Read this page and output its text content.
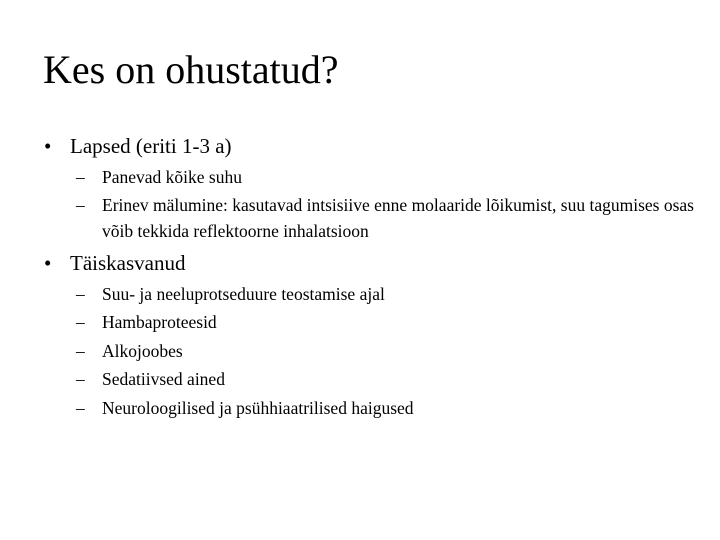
Kes on ohustatud?
• Lapsed (eriti 1-3 a)
– Panevad kõike suhu
– Erinev mälumine: kasutavad intsisiive enne molaaride lõikumist, suu tagumises osas võib tekkida reflektoorne inhalatsioon
• Täiskasvanud
– Suu- ja neeluprotseduure teostamise ajal
– Hambaproteesid
– Alkojoobes
– Sedatiivsed ained
– Neuroloogilised ja psühhiaatrilised haigused
